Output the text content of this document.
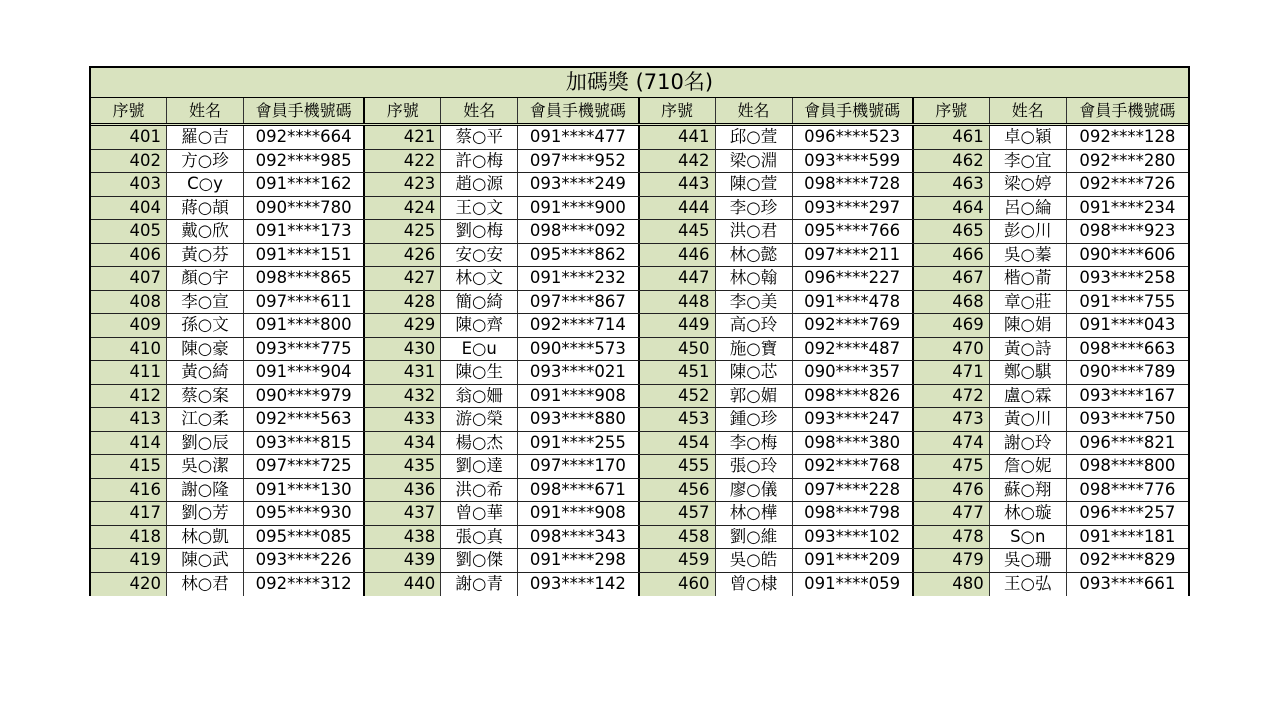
加碼獎 (710名)
序號	姓名	會員手機號碼	序號	姓名	會員手機號碼	序號	姓名	會員手機號碼	序號	姓名	會員手機號碼
401	羅○吉	092****664	421	蔡○平	091****477	441	邱○萱	096****523	461	卓○穎	092****128
402	方○珍	092****985	422	許○梅	097****952	442	梁○淵	093****599	462	李○宜	092****280
403	C○y	091****162	423	趙○源	093****249	443	陳○萱	098****728	463	梁○婷	092****726
404	蔣○頡	090****780	424	王○文	091****900	444	李○珍	093****297	464	呂○綸	091****234
405	戴○欣	091****173	425	劉○梅	098****092	445	洪○君	095****766	465	彭○川	098****923
406	黃○芬	091****151	426	安○安	095****862	446	林○懿	097****211	466	吳○蓁	090****606
407	顏○宇	098****865	427	林○文	091****232	447	林○翰	096****227	467	楷○萮	093****258
408	李○宣	097****611	428	簡○綺	097****867	448	李○美	091****478	468	章○莊	091****755
409	孫○文	091****800	429	陳○齊	092****714	449	高○玲	092****769	469	陳○娟	091****043
410	陳○豪	093****775	430	E○u	090****573	450	施○寶	092****487	470	黃○詩	098****663
411	黃○綺	091****904	431	陳○生	093****021	451	陳○芯	090****357	471	鄭○騏	090****789
412	蔡○案	090****979	432	翁○姍	091****908	452	郭○媚	098****826	472	盧○霖	093****167
413	江○柔	092****563	433	游○榮	093****880	453	鍾○珍	093****247	473	黃○川	093****750
414	劉○辰	093****815	434	楊○杰	091****255	454	李○梅	098****380	474	謝○玲	096****821
415	吳○潔	097****725	435	劉○達	097****170	455	張○玲	092****768	475	詹○妮	098****800
416	謝○隆	091****130	436	洪○希	098****671	456	廖○儀	097****228	476	蘇○翔	098****776
417	劉○芳	095****930	437	曾○華	091****908	457	林○樺	098****798	477	林○璇	096****257
418	林○凱	095****085	438	張○真	098****343	458	劉○維	093****102	478	S○n	091****181
419	陳○武	093****226	439	劉○傑	091****298	459	吳○皓	091****209	479	吳○珊	092****829
420	林○君	092****312	440	謝○青	093****142	460	曾○棣	091****059	480	王○弘	093****661
